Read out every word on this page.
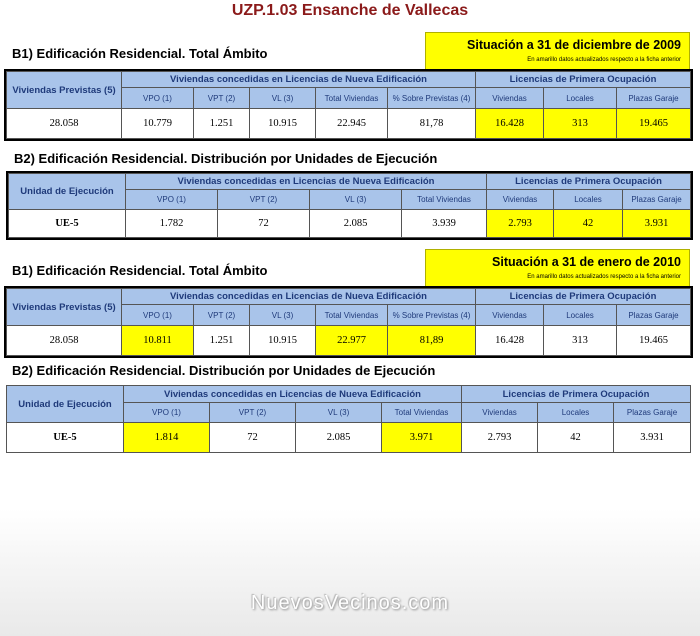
UZP.1.03 Ensanche de Vallecas
B1) Edificación Residencial. Total Ámbito
Situación a 31 de diciembre de 2009
En amarillo datos actualizados respecto a la ficha anterior
Viviendas Previstas (5)	Viviendas concedidas en Licencias de Nueva Edificación					Licencias de Primera Ocupación		
	VPO (1)	VPT (2)	VL (3)	Total Viviendas	% Sobre Previstas (4)	Viviendas	Locales	Plazas Garaje
28.058	10.779	1.251	10.915	22.945	81,78	16.428	313	19.465
B2) Edificación Residencial. Distribución por Unidades de Ejecución
Unidad de Ejecución	Viviendas concedidas en Licencias de Nueva Edificación				Licencias de Primera Ocupación		
	VPO (1)	VPT (2)	VL (3)	Total Viviendas	Viviendas	Locales	Plazas Garaje
UE-5	1.782	72	2.085	3.939	2.793	42	3.931
B1) Edificación Residencial. Total Ámbito
Situación a 31 de enero de 2010
En amarillo datos actualizados respecto a la ficha anterior
Viviendas Previstas (5)	Viviendas concedidas en Licencias de Nueva Edificación					Licencias de Primera Ocupación		
	VPO (1)	VPT (2)	VL (3)	Total Viviendas	% Sobre Previstas (4)	Viviendas	Locales	Plazas Garaje
28.058	10.811	1.251	10.915	22.977	81,89	16.428	313	19.465
B2) Edificación Residencial. Distribución por Unidades de Ejecución
Unidad de Ejecución	Viviendas concedidas en Licencias de Nueva Edificación				Licencias de Primera Ocupación		
	VPO (1)	VPT (2)	VL (3)	Total Viviendas	Viviendas	Locales	Plazas Garaje
UE-5	1.814	72	2.085	3.971	2.793	42	3.931
NuevosVecinos.com
